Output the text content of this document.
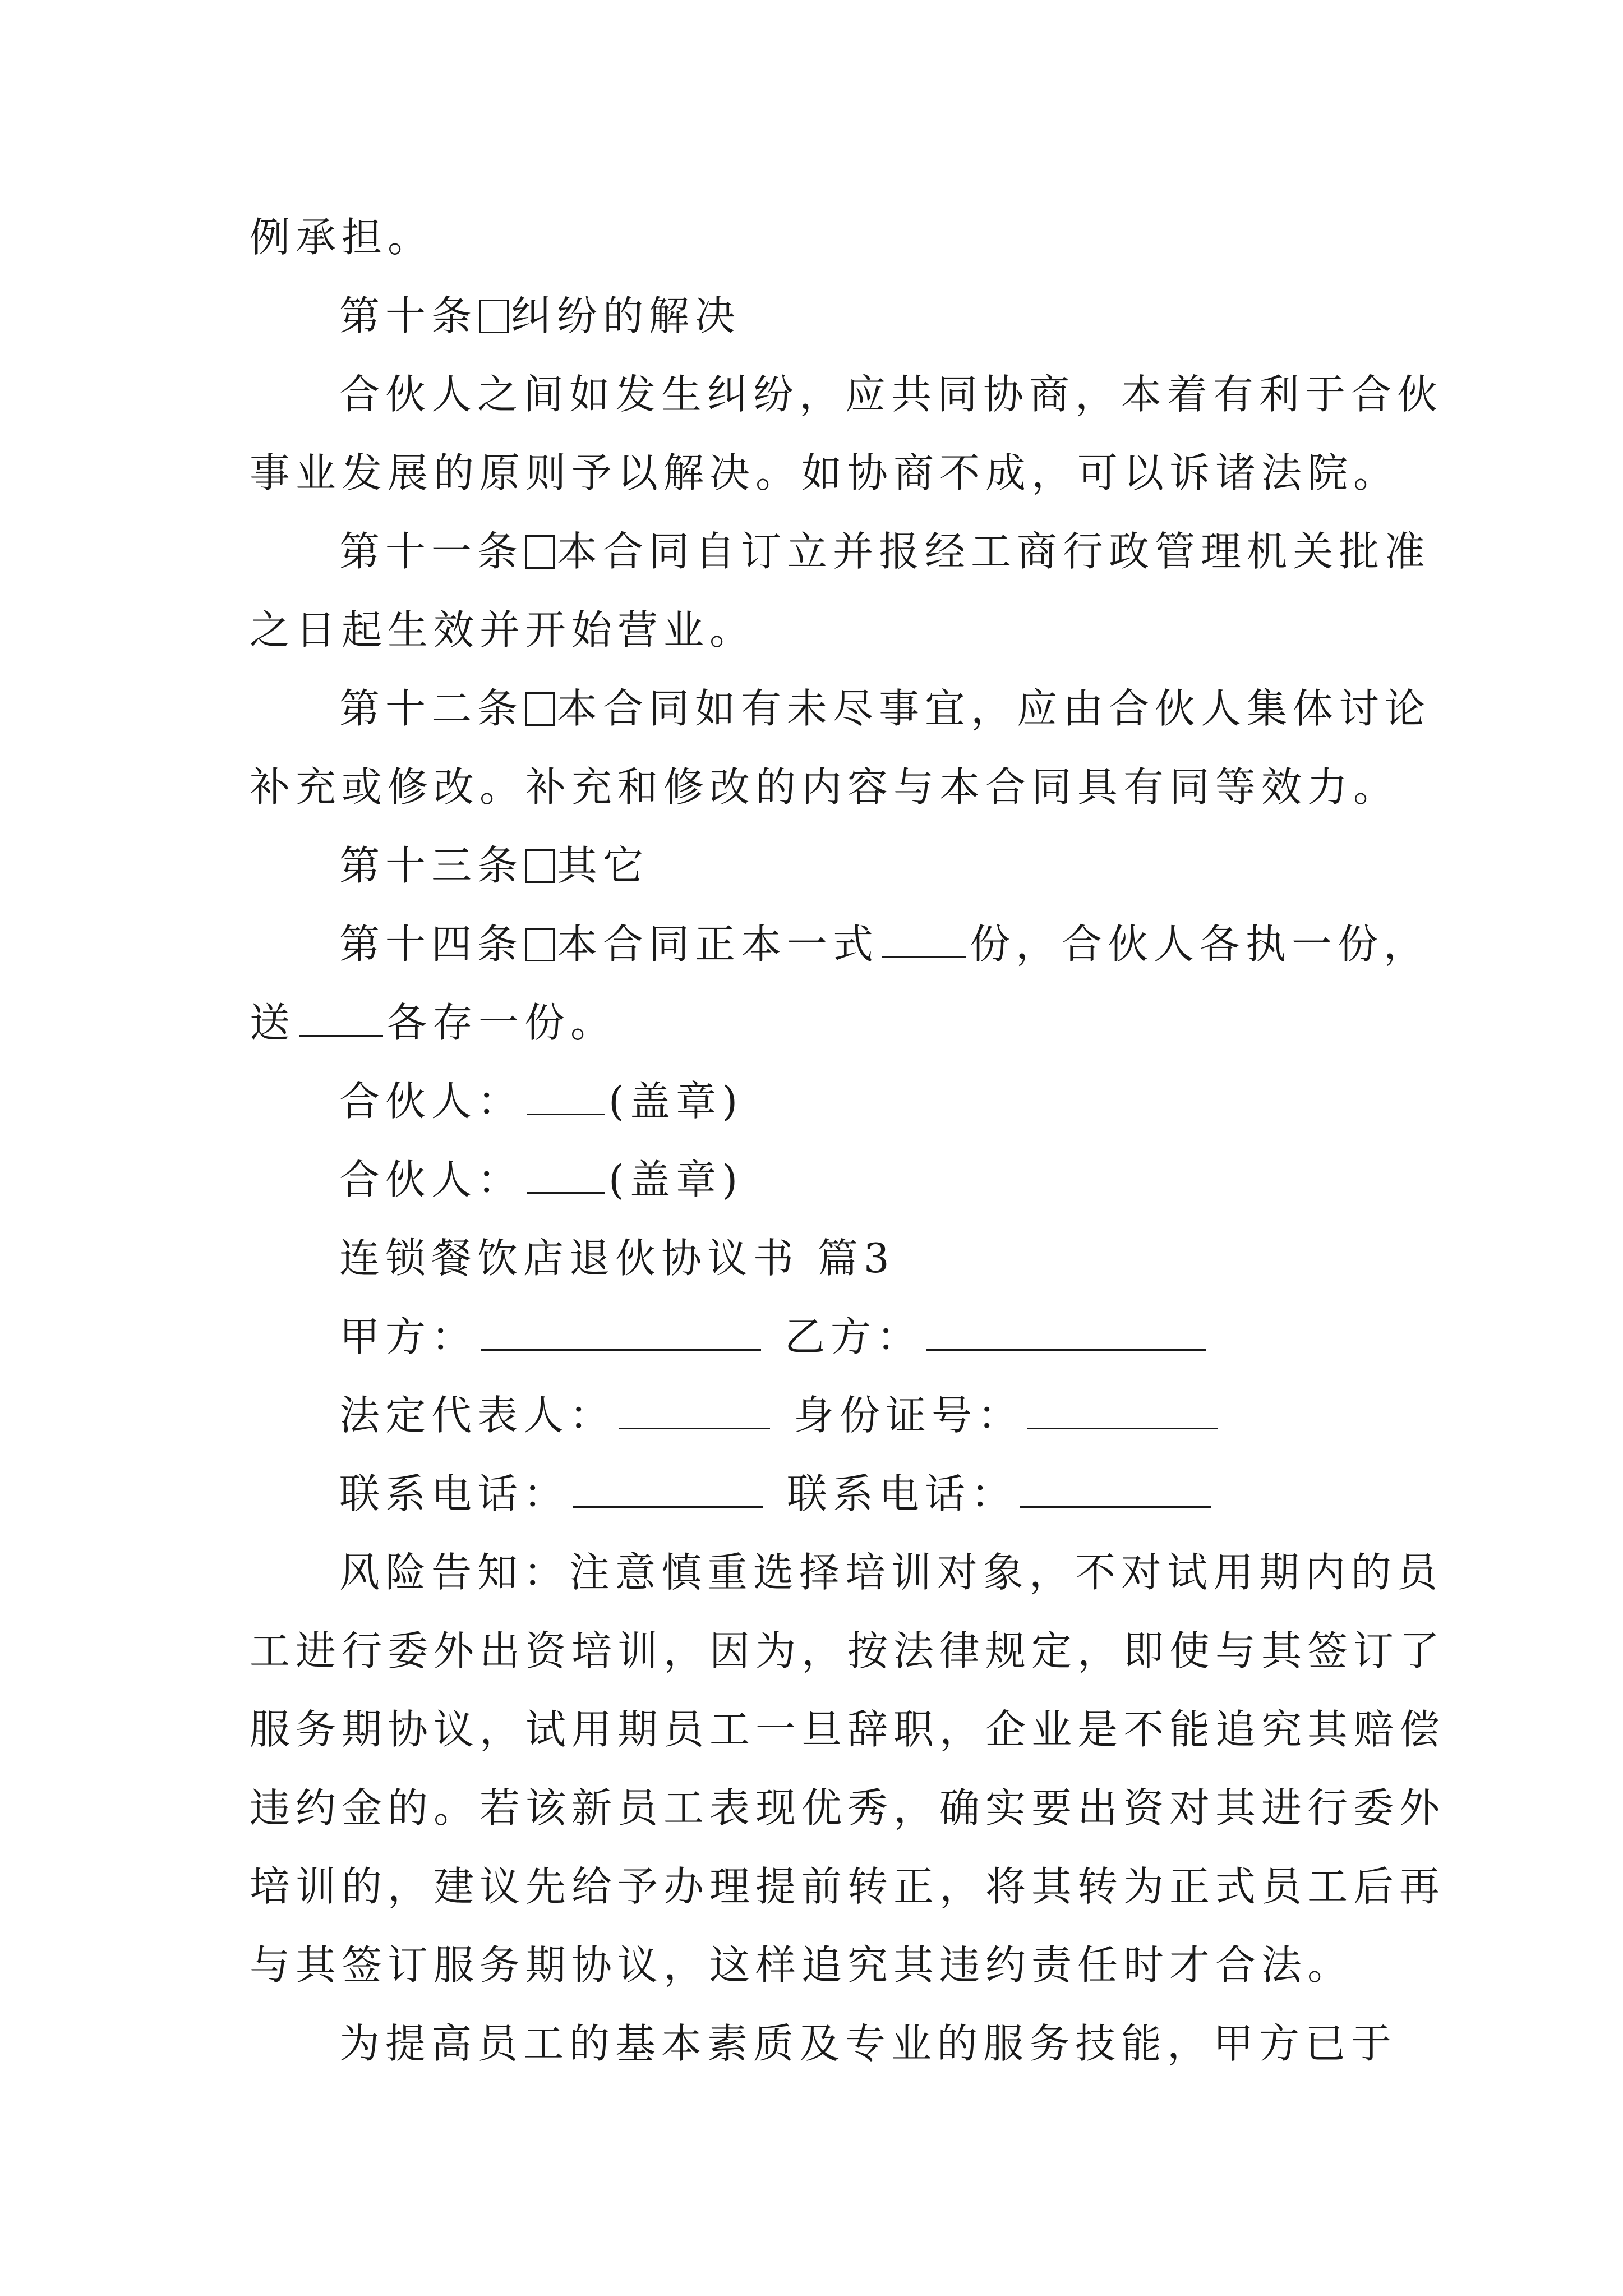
例承担。
第十条 纠纷的解决
合伙人之间如发生纠纷，应共同协商，本着有利于合伙
事业发展的原则予以解决。如协商不成，可以诉诸法院。
第十一条 本合同自订立并报经工商行政管理机关批准
之日起生效并开始营业。
第十二条 本合同如有未尽事宜，应由合伙人集体讨论
补充或修改。补充和修改的内容与本合同具有同等效力。
第十三条 其它
第十四条 本合同正本一式 份，合伙人各执一份，
送 各存一份。
合伙人： (盖章)
合伙人： (盖章)
连锁餐饮店退伙协议书 篇3
甲方：	乙方：
法定代表人：	身份证号：
联系电话：	联系电话：
风险告知：注意慎重选择培训对象，不对试用期内的员
工进行委外出资培训，因为，按法律规定，即使与其签订了
服务期协议，试用期员工一旦辞职，企业是不能追究其赔偿
违约金的。若该新员工表现优秀，确实要出资对其进行委外
培训的，建议先给予办理提前转正，将其转为正式员工后再
与其签订服务期协议，这样追究其违约责任时才合法。
为提高员工的基本素质及专业的服务技能，甲方已于
